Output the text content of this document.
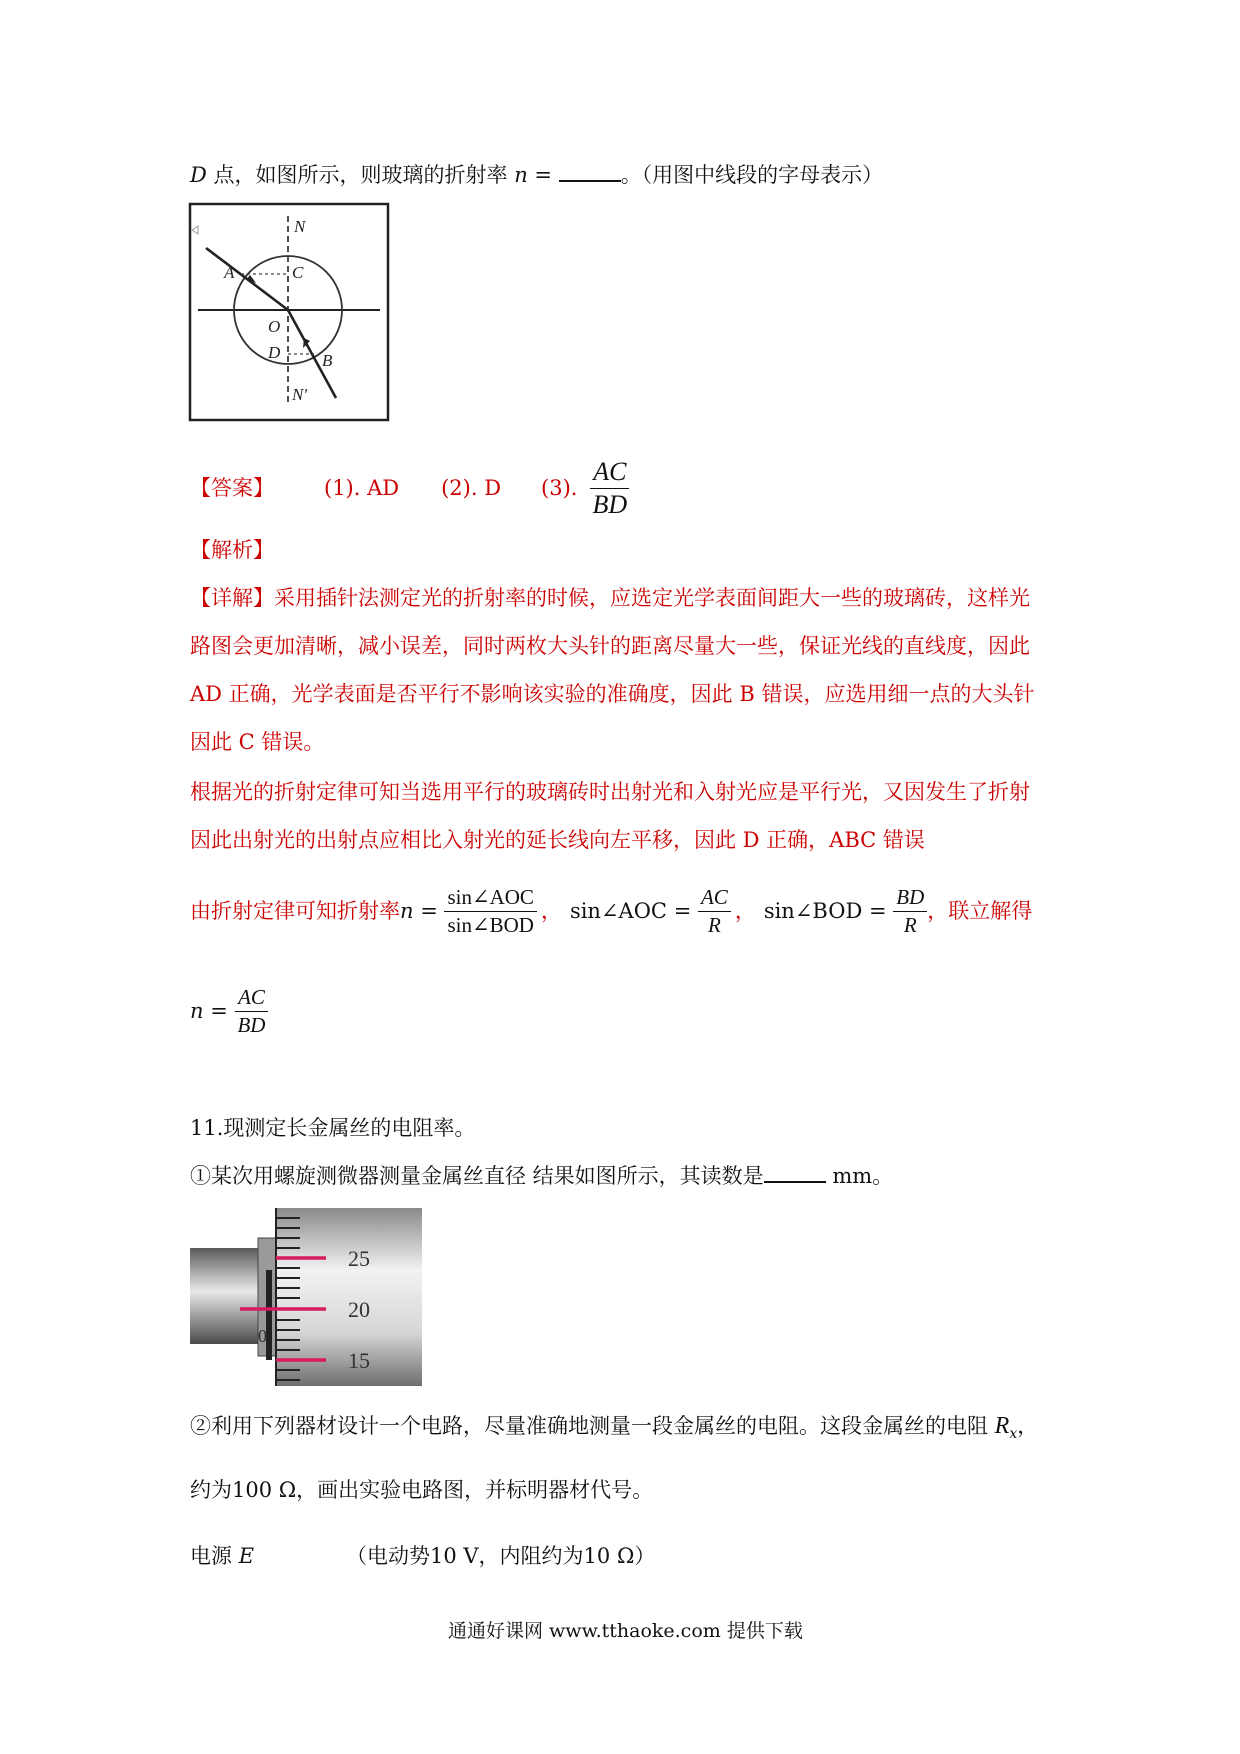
D 点，如图所示，则玻璃的折射率 n =	。（用图中线段的字母表示）
N
A	C
O
D B
N′
【答案】 (1). AD (2). D (3). $\frac{AC}{BD}$
【解析】
【详解】采用插针法测定光的折射率的时候，应选定光学表面间距大一些的玻璃砖，这样光
路图会更加清晰，减小误差，同时两枚大头针的距离尽量大一些，保证光线的直线度，因此
AD 正确，光学表面是否平行不影响该实验的准确度，因此 B 错误，应选用细一点的大头针
因此 C 错误。
根据光的折射定律可知当选用平行的玻璃砖时出射光和入射光应是平行光，又因发生了折射
因此出射光的出射点应相比入射光的延长线向左平移，因此 D 正确，ABC 错误
由折射定律可知折射率 $n = \frac{\text{sin∠AOC}}{\text{sin∠BOD}}$ ， sin∠AOC = $\frac{AC}{R}$ ， sin∠BOD = $\frac{BD}{R}$ ，联立解得
$n = \frac{AC}{BD}$
11.现测定长金属丝的电阻率。
①某次用螺旋测微器测量金属丝直径 结果如图所示，其读数是	mm。
25
20
15
0
②利用下列器材设计一个电路，尽量准确地测量一段金属丝的电阻。这段金属丝的电阻 $R_x$，
约为100 Ω，画出实验电路图，并标明器材代号。
电源 E	（电动势10 V，内阻约为10 Ω）
通通好课网 www.tthaoke.com 提供下载
